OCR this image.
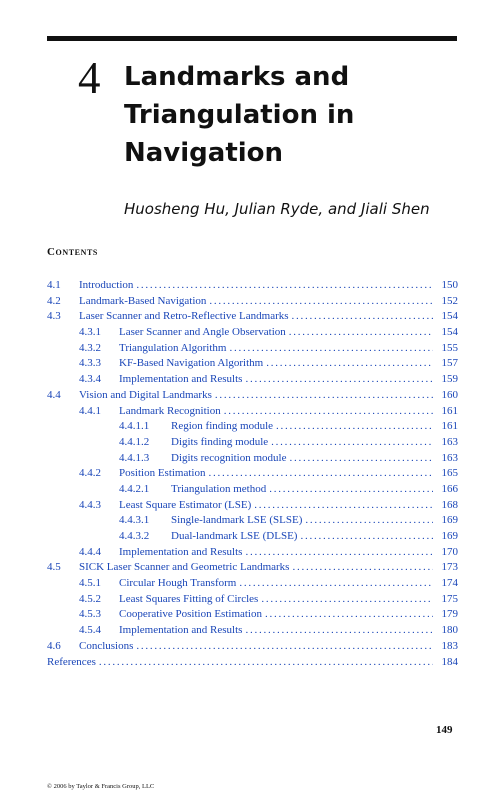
4 Landmarks and
Triangulation in
Navigation
Huosheng Hu, Julian Ryde, and Jiali Shen
Contents
4.1	Introduction . . .	150
4.2	Landmark-Based Navigation . . .	152
4.3	Laser Scanner and Retro-Reflective Landmarks . . .	154
4.3.1	Laser Scanner and Angle Observation . . .	154
4.3.2	Triangulation Algorithm . . .	155
4.3.3	KF-Based Navigation Algorithm . . .	157
4.3.4	Implementation and Results . . .	159
4.4	Vision and Digital Landmarks . . .	160
4.4.1	Landmark Recognition . . .	161
4.4.1.1	Region finding module . . .	161
4.4.1.2	Digits finding module . . .	163
4.4.1.3	Digits recognition module . . .	163
4.4.2	Position Estimation . . .	165
4.4.2.1	Triangulation method . . .	166
4.4.3	Least Square Estimator (LSE) . . .	168
4.4.3.1	Single-landmark LSE (SLSE) . . .	169
4.4.3.2	Dual-landmark LSE (DLSE) . . .	169
4.4.4	Implementation and Results . . .	170
4.5	SICK Laser Scanner and Geometric Landmarks . . .	173
4.5.1	Circular Hough Transform . . .	174
4.5.2	Least Squares Fitting of Circles . . .	175
4.5.3	Cooperative Position Estimation . . .	179
4.5.4	Implementation and Results . . .	180
4.6	Conclusions . . .	183
References . . .	184
149
© 2006 by Taylor & Francis Group, LLC
